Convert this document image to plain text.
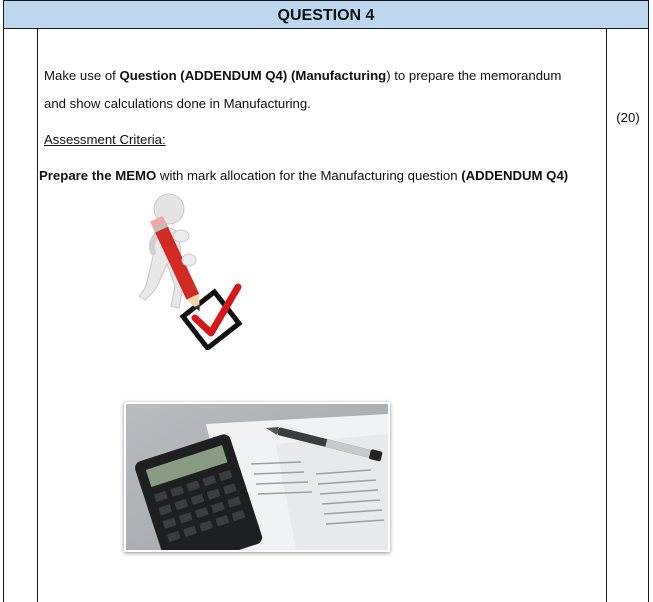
QUESTION 4
Make use of Question (ADDENDUM Q4) (Manufacturing) to prepare the memorandum
and show calculations done in Manufacturing.
Assessment Criteria:
Prepare the MEMO with mark allocation for the Manufacturing question (ADDENDUM Q4)
(20)
